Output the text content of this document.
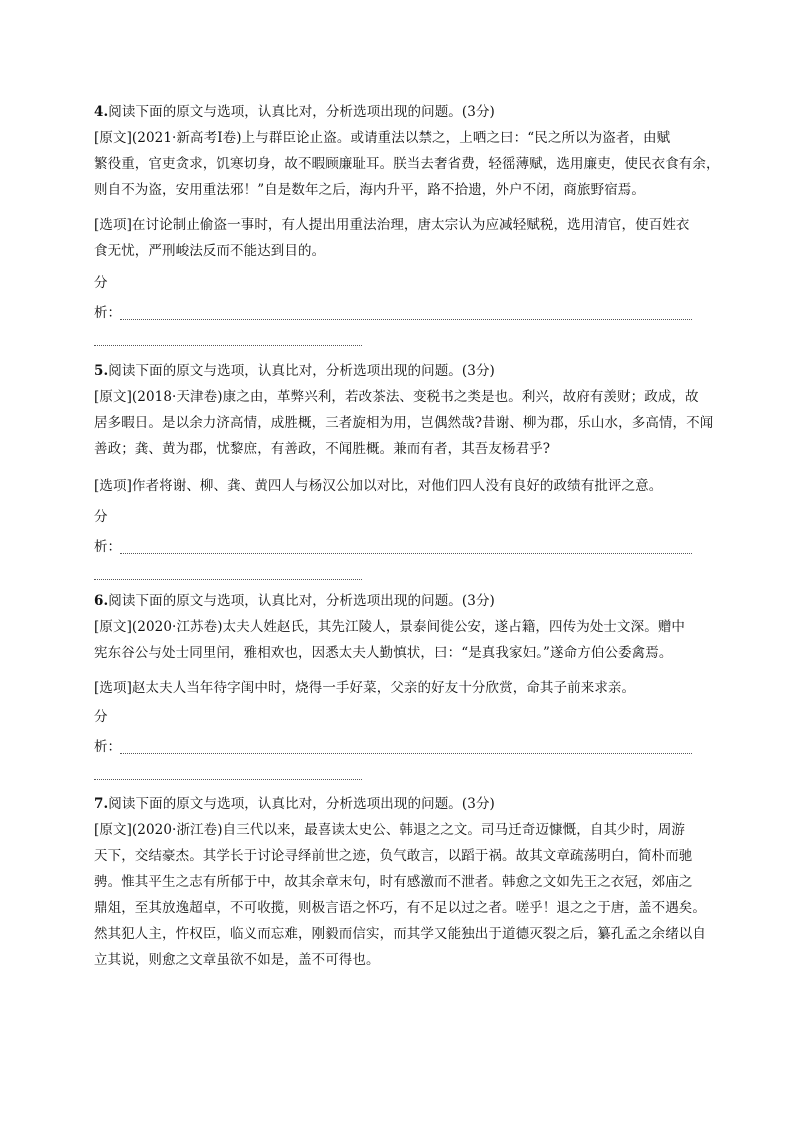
4.阅读下面的原文与选项，认真比对，分析选项出现的问题。(3分)
[原文](2021·新高考Ⅰ卷)上与群臣论止盗。或请重法以禁之，上哂之曰：“民之所以为盗者，由赋
繁役重，官吏贪求，饥寒切身，故不暇顾廉耻耳。朕当去奢省费，轻徭薄赋，选用廉吏，使民衣食有余，
则自不为盗，安用重法邪！”自是数年之后，海内升平，路不拾遗，外户不闭，商旅野宿焉。
[选项]在讨论制止偷盗一事时，有人提出用重法治理，唐太宗认为应减轻赋税，选用清官，使百姓衣
食无忧，严刑峻法反而不能达到目的。
分
析：
5.阅读下面的原文与选项，认真比对，分析选项出现的问题。(3分)
[原文](2018·天津卷)康之由，革弊兴利，若改茶法、变税书之类是也。利兴，故府有羡财；政成，故
居多暇日。是以余力济高情，成胜概，三者旋相为用，岂偶然哉?昔谢、柳为郡，乐山水，多高情，不闻
善政；龚、黄为郡，忧黎庶，有善政，不闻胜概。兼而有者，其吾友杨君乎?
[选项]作者将谢、柳、龚、黄四人与杨汉公加以对比，对他们四人没有良好的政绩有批评之意。
分
析：
6.阅读下面的原文与选项，认真比对，分析选项出现的问题。(3分)
[原文](2020·江苏卷)太夫人姓赵氏，其先江陵人，景泰间徙公安，遂占籍，四传为处士文深。赠中
宪东谷公与处士同里闬，雅相欢也，因悉太夫人勤慎状，曰：“是真我家妇。”遂命方伯公委禽焉。
[选项]赵太夫人当年待字闺中时，烧得一手好菜，父亲的好友十分欣赏，命其子前来求亲。
分
析：
7.阅读下面的原文与选项，认真比对，分析选项出现的问题。(3分)
[原文](2020·浙江卷)自三代以来，最喜读太史公、韩退之之文。司马迁奇迈慷慨，自其少时，周游
天下，交结豪杰。其学长于讨论寻绎前世之迹，负气敢言，以蹈于祸。故其文章疏荡明白，简朴而驰
骋。惟其平生之志有所郁于中，故其余章末句，时有感激而不泄者。韩愈之文如先王之衣冠，郊庙之
鼎俎，至其放逸超卓，不可收揽，则极言语之怀巧，有不足以过之者。嗟乎！退之之于唐，盖不遇矣。
然其犯人主，忤权臣，临义而忘难，刚毅而信实，而其学又能独出于道德灭裂之后，纂孔孟之余绪以自
立其说，则愈之文章虽欲不如是，盖不可得也。
